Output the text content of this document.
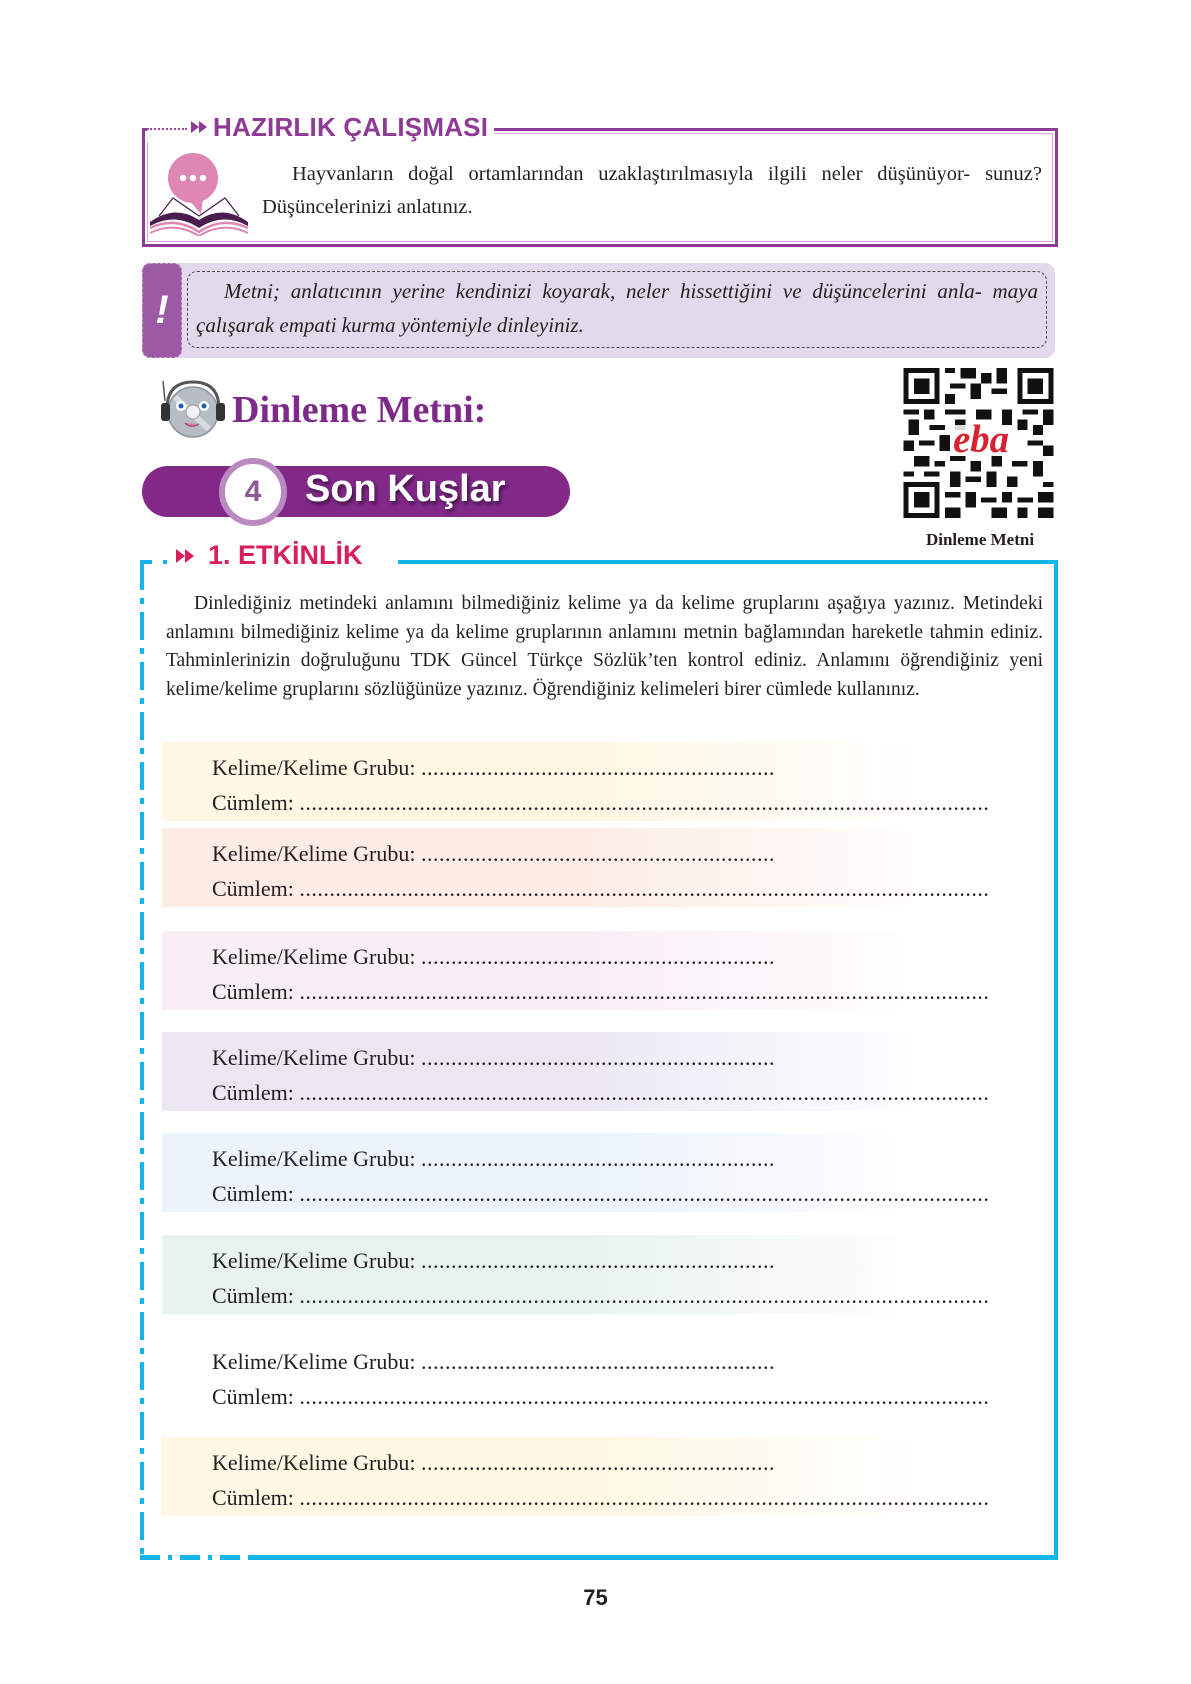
HAZIRLIK ÇALIŞMASI

Hayvanların doğal ortamlarından uzaklaştırılmasıyla ilgili neler düşünüyor- sunuz? Düşüncelerinizi anlatınız.

!	Metni; anlatıcının yerine kendinizi koyarak, neler hissettiğini ve düşüncelerini anla- maya çalışarak empati kurma yöntemiyle dinleyiniz.

Dinleme Metni:
4 Son Kuşlar
eba
Dinleme Metni
1. ETKİNLİK

Dinlediğiniz metindeki anlamını bilmediğiniz kelime ya da kelime gruplarını aşağıya yazınız. Metindeki anlamını bilmediğiniz kelime ya da kelime gruplarının anlamını metnin bağlamından hareketle tahmin ediniz. Tahminlerinizin doğruluğunu TDK Güncel Türkçe Sözlük’ten kontrol ediniz. Anlamını öğrendiğiniz yeni kelime/kelime gruplarını sözlüğünüze yazınız. Öğrendiğiniz kelimeleri birer cümlede kullanınız.

Kelime/Kelime Grubu: ...........................................................
Cümlem: ...................................................................................................................
Kelime/Kelime Grubu: ...........................................................
Cümlem: ...................................................................................................................
Kelime/Kelime Grubu: ...........................................................
Cümlem: ...................................................................................................................
Kelime/Kelime Grubu: ...........................................................
Cümlem: ...................................................................................................................
Kelime/Kelime Grubu: ...........................................................
Cümlem: ...................................................................................................................
Kelime/Kelime Grubu: ...........................................................
Cümlem: ...................................................................................................................
Kelime/Kelime Grubu: ...........................................................
Cümlem: ...................................................................................................................
Kelime/Kelime Grubu: ...........................................................
Cümlem: ...................................................................................................................
75
